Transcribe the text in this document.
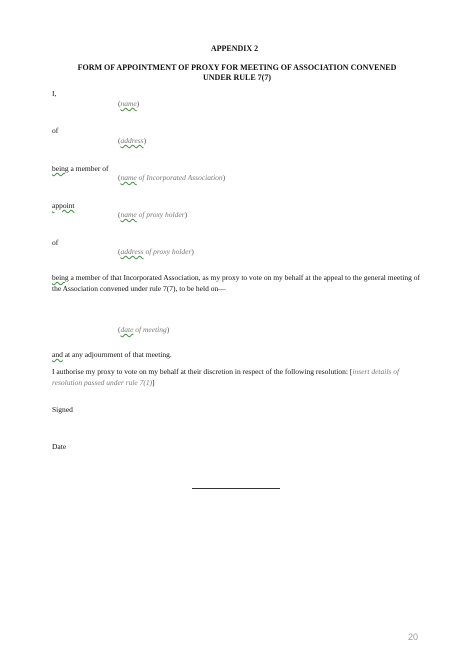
APPENDIX 2
FORM OF APPOINTMENT OF PROXY FOR MEETING OF ASSOCIATION CONVENED
UNDER RULE 7(7)
I,
(name)
of
(address)
being a member of
(name of Incorporated Association)
appoint
(name of proxy holder)
of
(address of proxy holder)
being a member of that Incorporated Association, as my proxy to vote on my behalf at the appeal to the general meeting of the Association convened under rule 7(7), to be held on—
(date of meeting)
and at any adjournment of that meeting.
I authorise my proxy to vote on my behalf at their discretion in respect of the following resolution: [insert details of resolution passed under rule 7(1)]
Signed
Date
20
